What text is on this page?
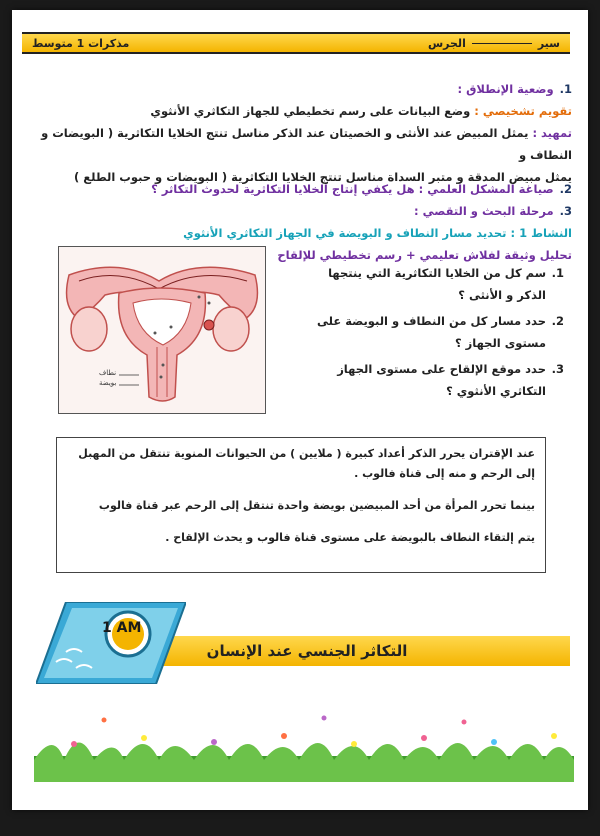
مذكرات 1 متوسط	سير
الجرس
1.وضعية الإنطلاق :
تقويم تشخيصي : وضع البيانات على رسم تخطيطي للجهاز التكاثري الأنثوي
تمهيد : يمثل المبيض عند الأنثى و الخصيتان عند الذكر مناسل تنتج الخلايا التكاثرية ( البويضات و النطاف و
يمثل مبيض المدقة و متبر السداة مناسل تنتج الخلايا التكاثرية ( البويضات و حبوب الطلع )
2.صياغة المشكل العلمي : هل يكفي إنتاج الخلايا التكاثرية لحدوث التكاثر ؟
3.مرحلة البحث و التقصي :
النشاط 1 : تحديد مسار النطاف و البويضة في الجهاز التكاثري الأنثوي
تحليل وثيقة لفلاش تعليمي + رسم تخطيطي للإلقاح
نطاف
بويضة
1.
سم كل من الخلايا التكاثرية التي ينتجها الذكر و الأنثى ؟
2.
حدد مسار كل من النطاف و البويضة على مستوى الجهاز ؟
3.
حدد موقع الإلقاح على مستوى الجهاز التكاثري الأنثوي ؟

عند الإقتران يحرر الذكر أعداد كبيرة ( ملايين ) من الحيوانات المنوية تنتقل من المهبل إلى الرحم و منه إلى قناة فالوب .

بينما تحرر المرأة من أحد المبيضين بويضة واحدة تنتقل إلى الرحم عبر قناة فالوب

يتم إلتقاء النطاف بالبويضة على مستوى قناة فالوب و يحدث الإلقاح .

التكاثر الجنسي عند الإنسان
1 AM
